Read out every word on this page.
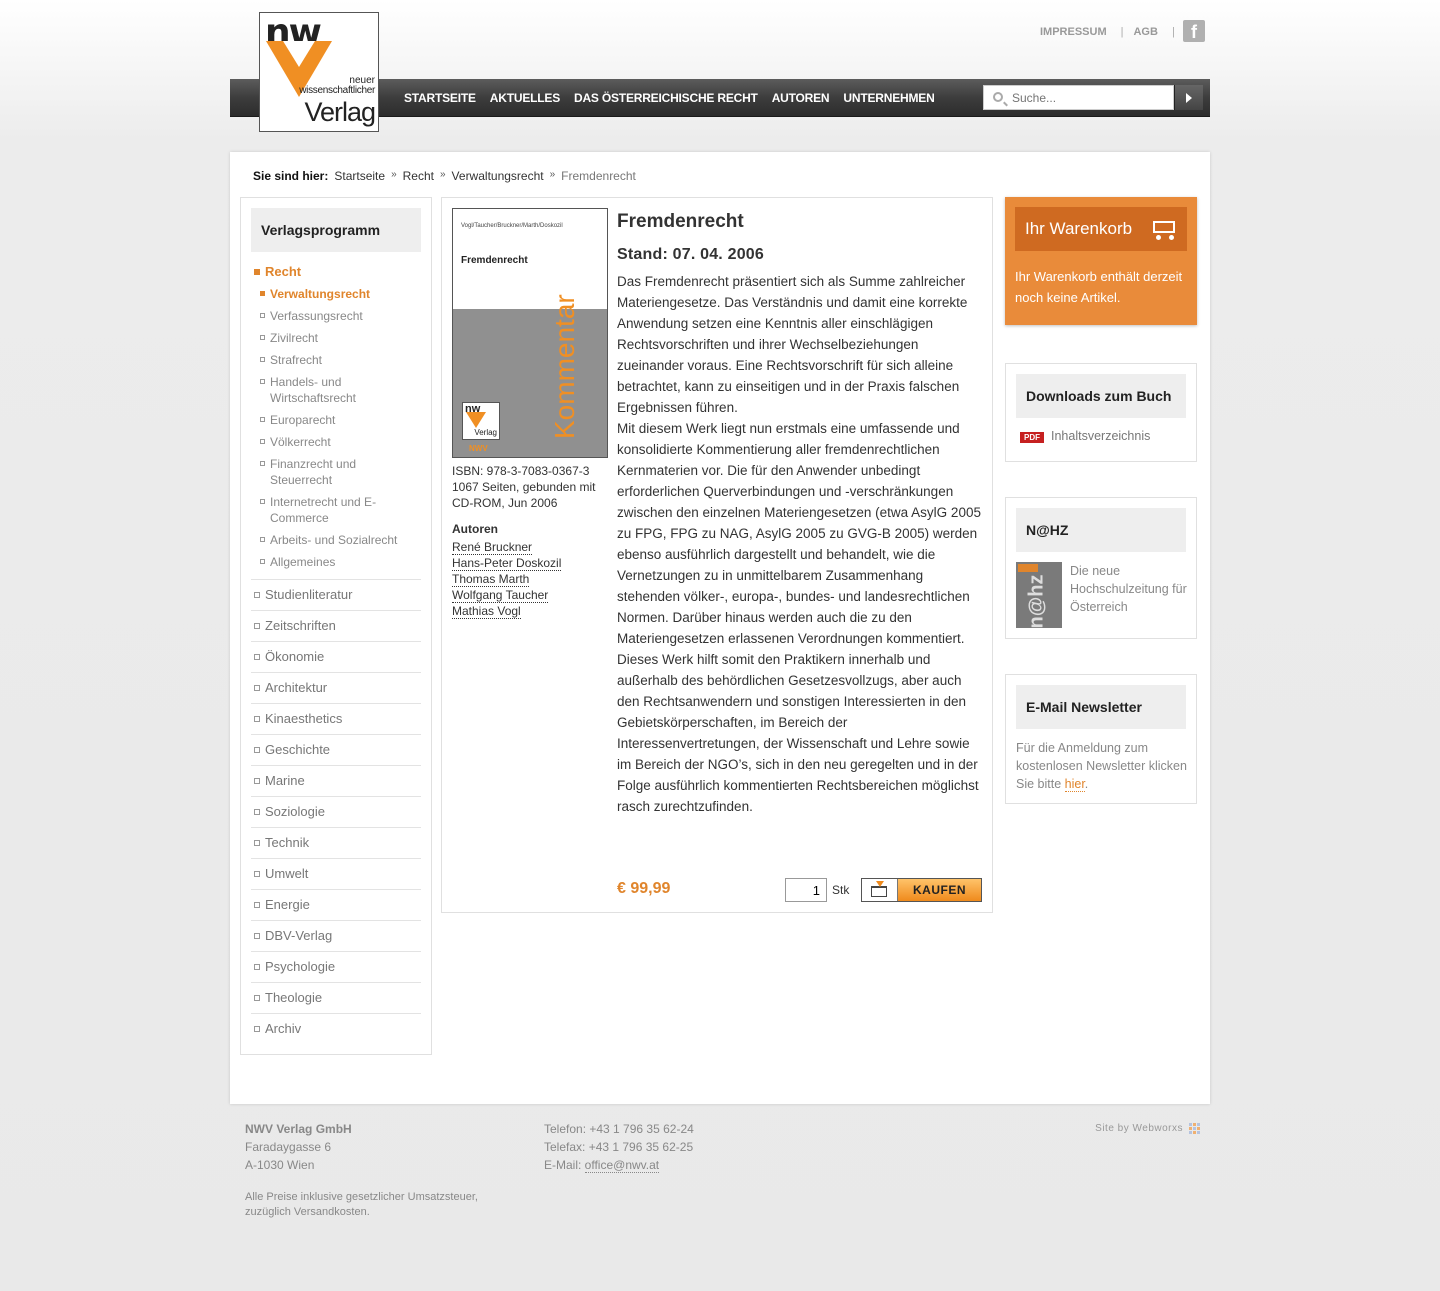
nw
neuer
wissenschaftlicher
Verlag
IMPRESSUM | AGB | f
STARTSEITE AKTUELLES DAS ÖSTERREICHISCHE RECHT AUTOREN UNTERNEHMEN
Suche...
Sie sind hier: Startseite » Recht » Verwaltungsrecht » Fremdenrecht
Verlagsprogramm
Recht
Verwaltungsrecht
Verfassungsrecht
Zivilrecht
Strafrecht
Handels- und Wirtschaftsrecht
Europarecht
Völkerrecht
Finanzrecht und Steuerrecht
Internetrecht und E-Commerce
Arbeits- und Sozialrecht
Allgemeines
Studienliteratur
Zeitschriften
Ökonomie
Architektur
Kinaesthetics
Geschichte
Marine
Soziologie
Technik
Umwelt
Energie
DBV-Verlag
Psychologie
Theologie
Archiv
Vogl/Taucher/Bruckner/Marth/Doskozil
Fremdenrecht
Kommentar
nw
Verlag
NWV
ISBN: 978-3-7083-0367-3
1067 Seiten, gebunden mit CD-ROM, Jun 2006
Autoren
René Bruckner
Hans-Peter Doskozil
Thomas Marth
Wolfgang Taucher
Mathias Vogl
Fremdenrecht
Stand: 07. 04. 2006
Das Fremdenrecht präsentiert sich als Summe zahlreicher Materiengesetze. Das Verständnis und damit eine korrekte Anwendung setzen eine Kenntnis aller einschlägigen Rechtsvorschriften und ihrer Wechselbeziehungen zueinander voraus. Eine Rechtsvorschrift für sich alleine betrachtet, kann zu einseitigen und in der Praxis falschen Ergebnissen führen.
Mit diesem Werk liegt nun erstmals eine umfassende und konsolidierte Kommentierung aller fremdenrechtlichen Kernmaterien vor. Die für den Anwender unbedingt erforderlichen Querverbindungen und -verschränkungen zwischen den einzelnen Materiengesetzen (etwa AsylG 2005 zu FPG, FPG zu NAG, AsylG 2005 zu GVG-B 2005) werden ebenso ausführlich dargestellt und behandelt, wie die Vernetzungen zu in unmittelbarem Zusammenhang stehenden völker-, europa-, bundes- und landesrechtlichen Normen. Darüber hinaus werden auch die zu den Materiengesetzen erlassenen Verordnungen kommentiert.
Dieses Werk hilft somit den Praktikern innerhalb und außerhalb des behördlichen Gesetzesvollzugs, aber auch den Rechtsanwendern und sonstigen Interessierten in den Gebietskörperschaften, im Bereich der Interessenvertretungen, der Wissenschaft und Lehre sowie im Bereich der NGO’s, sich in den neu geregelten und in der Folge ausführlich kommentierten Rechtsbereichen möglichst rasch zurechtzufinden.
€ 99,99
1	Stk	KAUFEN
Ihr Warenkorb
Ihr Warenkorb enthält derzeit noch keine Artikel.
Downloads zum Buch
PDF Inhaltsverzeichnis
N@HZ
n@hz
Die neue Hochschulzeitung für Österreich
E-Mail Newsletter
Für die Anmeldung zum kostenlosen Newsletter klicken Sie bitte hier.
NWV Verlag GmbH
Faradaygasse 6
A-1030 Wien
Telefon: +43 1 796 35 62-24
Telefax: +43 1 796 35 62-25
E-Mail: office@nwv.at
Alle Preise inklusive gesetzlicher Umsatzsteuer, zuzüglich Versandkosten.
Site by Webworxs
